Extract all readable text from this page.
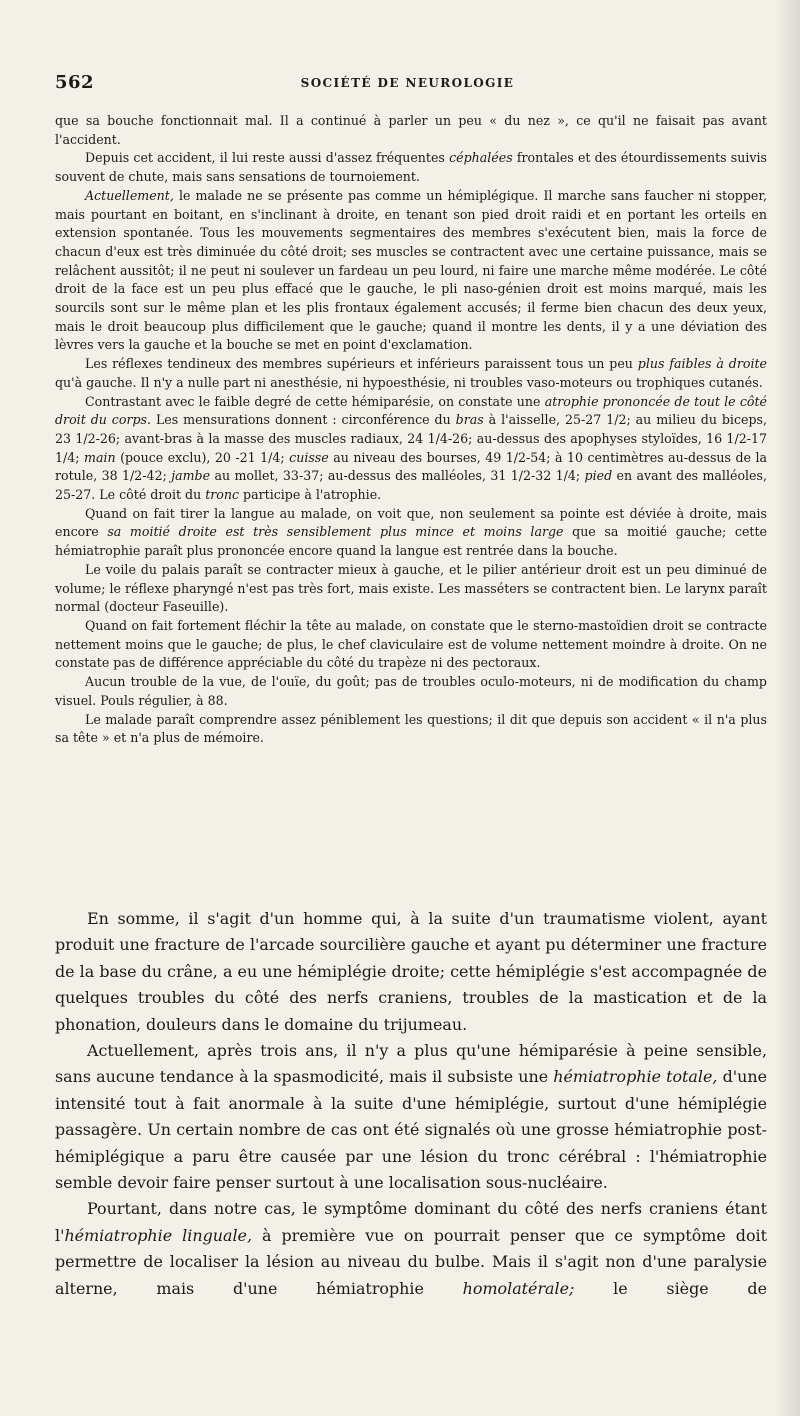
562	SOCIÉTÉ DE NEUROLOGIE

que sa bouche fonctionnait mal. Il a continué à parler un peu « du nez », ce qu'il ne faisait pas avant l'accident.

Depuis cet accident, il lui reste aussi d'assez fréquentes céphalées frontales et des étourdissements suivis souvent de chute, mais sans sensations de tournoiement.

Actuellement, le malade ne se présente pas comme un hémiplégique. Il marche sans faucher ni stopper, mais pourtant en boitant, en s'inclinant à droite, en tenant son pied droit raidi et en portant les orteils en extension spontanée. Tous les mouvements segmentaires des membres s'exécutent bien, mais la force de chacun d'eux est très diminuée du côté droit; ses muscles se contractent avec une certaine puissance, mais se relâchent aussitôt; il ne peut ni soulever un fardeau un peu lourd, ni faire une marche même modérée. Le côté droit de la face est un peu plus effacé que le gauche, le pli naso-génien droit est moins marqué, mais les sourcils sont sur le même plan et les plis frontaux également accusés; il ferme bien chacun des deux yeux, mais le droit beaucoup plus difficilement que le gauche; quand il montre les dents, il y a une déviation des lèvres vers la gauche et la bouche se met en point d'exclamation.

Les réflexes tendineux des membres supérieurs et inférieurs paraissent tous un peu plus faibles à droite qu'à gauche. Il n'y a nulle part ni anesthésie, ni hypoesthésie, ni troubles vaso-moteurs ou trophiques cutanés.

Contrastant avec le faible degré de cette hémiparésie, on constate une atrophie prononcée de tout le côté droit du corps. Les mensurations donnent : circonférence du bras à l'aisselle, 25-27 1/2; au milieu du biceps, 23 1/2-26; avant-bras à la masse des muscles radiaux, 24 1/4-26; au-dessus des apophyses styloïdes, 16 1/2-17 1/4; main (pouce exclu), 20 -21 1/4; cuisse au niveau des bourses, 49 1/2-54; à 10 centimètres au-dessus de la rotule, 38 1/2-42; jambe au mollet, 33-37; au-dessus des malléoles, 31 1/2-32 1/4; pied en avant des malléoles, 25-27. Le côté droit du tronc participe à l'atrophie.

Quand on fait tirer la langue au malade, on voit que, non seulement sa pointe est déviée à droite, mais encore sa moitié droite est très sensiblement plus mince et moins large que sa moitié gauche; cette hémiatrophie paraît plus prononcée encore quand la langue est rentrée dans la bouche.

Le voile du palais paraît se contracter mieux à gauche, et le pilier antérieur droit est un peu diminué de volume; le réflexe pharyngé n'est pas très fort, mais existe. Les masséters se contractent bien. Le larynx paraît normal (docteur Faseuille).

Quand on fait fortement fléchir la tête au malade, on constate que le sterno-mastoïdien droit se contracte nettement moins que le gauche; de plus, le chef claviculaire est de volume nettement moindre à droite. On ne constate pas de différence appréciable du côté du trapèze ni des pectoraux.

Aucun trouble de la vue, de l'ouïe, du goût; pas de troubles oculo-moteurs, ni de modification du champ visuel. Pouls régulier, à 88.

Le malade paraît comprendre assez péniblement les questions; il dit que depuis son accident « il n'a plus sa tête » et n'a plus de mémoire.

En somme, il s'agit d'un homme qui, à la suite d'un traumatisme violent, ayant produit une fracture de l'arcade sourcilière gauche et ayant pu déterminer une fracture de la base du crâne, a eu une hémiplégie droite; cette hémiplégie s'est accompagnée de quelques troubles du côté des nerfs craniens, troubles de la mastication et de la phonation, douleurs dans le domaine du trijumeau.

Actuellement, après trois ans, il n'y a plus qu'une hémiparésie à peine sensible, sans aucune tendance à la spasmodicité, mais il subsiste une hémiatrophie totale, d'une intensité tout à fait anormale à la suite d'une hémiplégie, surtout d'une hémiplégie passagère. Un certain nombre de cas ont été signalés où une grosse hémiatrophie post-hémiplégique a paru être causée par une lésion du tronc cérébral : l'hémiatrophie semble devoir faire penser surtout à une localisation sous-nucléaire.

Pourtant, dans notre cas, le symptôme dominant du côté des nerfs craniens étant l'hémiatrophie linguale, à première vue on pourrait penser que ce symptôme doit permettre de localiser la lésion au niveau du bulbe. Mais il s'agit non d'une paralysie alterne, mais d'une hémiatrophie homolatérale; le siège de
